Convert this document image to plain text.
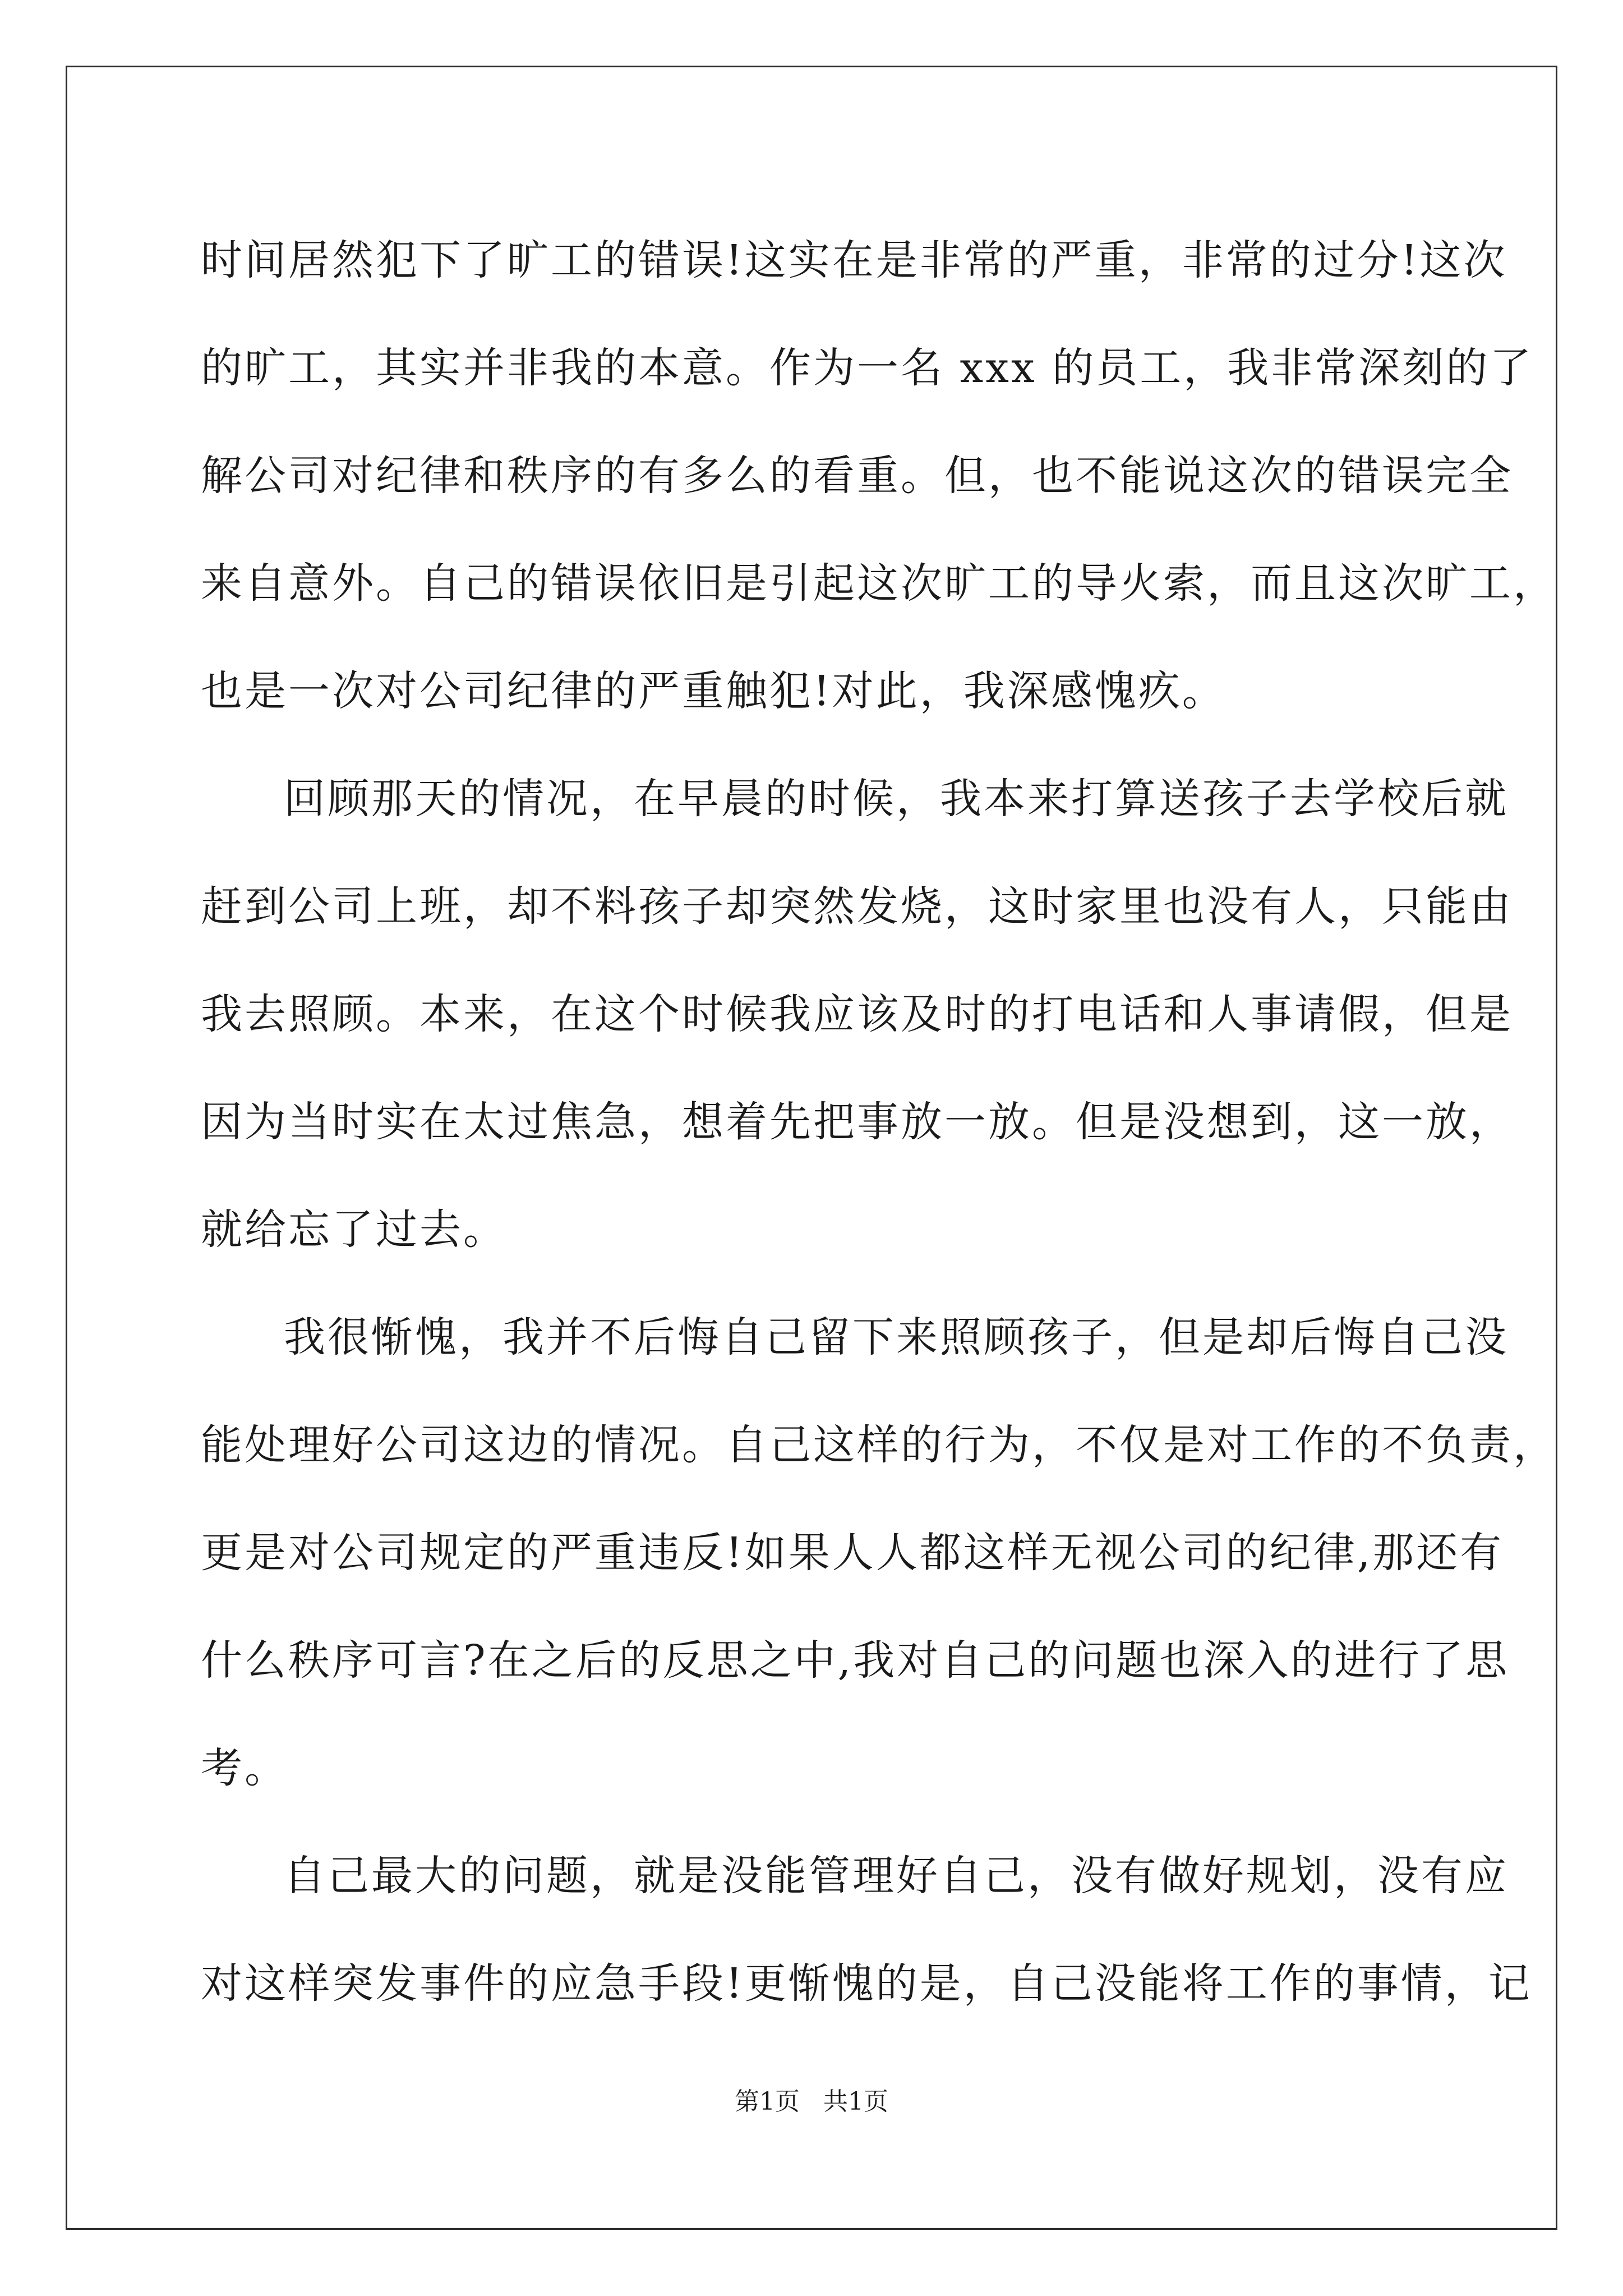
时间居然犯下了旷工的错误!这实在是非常的严重，非常的过分!这次
的旷工，其实并非我的本意。作为一名 xxx 的员工，我非常深刻的了
解公司对纪律和秩序的有多么的看重。但，也不能说这次的错误完全
来自意外。自己的错误依旧是引起这次旷工的导火索，而且这次旷工，
也是一次对公司纪律的严重触犯!对此，我深感愧疚。
回顾那天的情况，在早晨的时候，我本来打算送孩子去学校后就
赶到公司上班，却不料孩子却突然发烧，这时家里也没有人，只能由
我去照顾。本来，在这个时候我应该及时的打电话和人事请假，但是
因为当时实在太过焦急，想着先把事放一放。但是没想到，这一放，
就给忘了过去。
我很惭愧，我并不后悔自己留下来照顾孩子，但是却后悔自己没
能处理好公司这边的情况。自己这样的行为，不仅是对工作的不负责，
更是对公司规定的严重违反!如果人人都这样无视公司的纪律,那还有
什么秩序可言?在之后的反思之中,我对自己的问题也深入的进行了思
考。
自己最大的问题，就是没能管理好自己，没有做好规划，没有应
对这样突发事件的应急手段!更惭愧的是，自己没能将工作的事情，记
第1页 共1页
